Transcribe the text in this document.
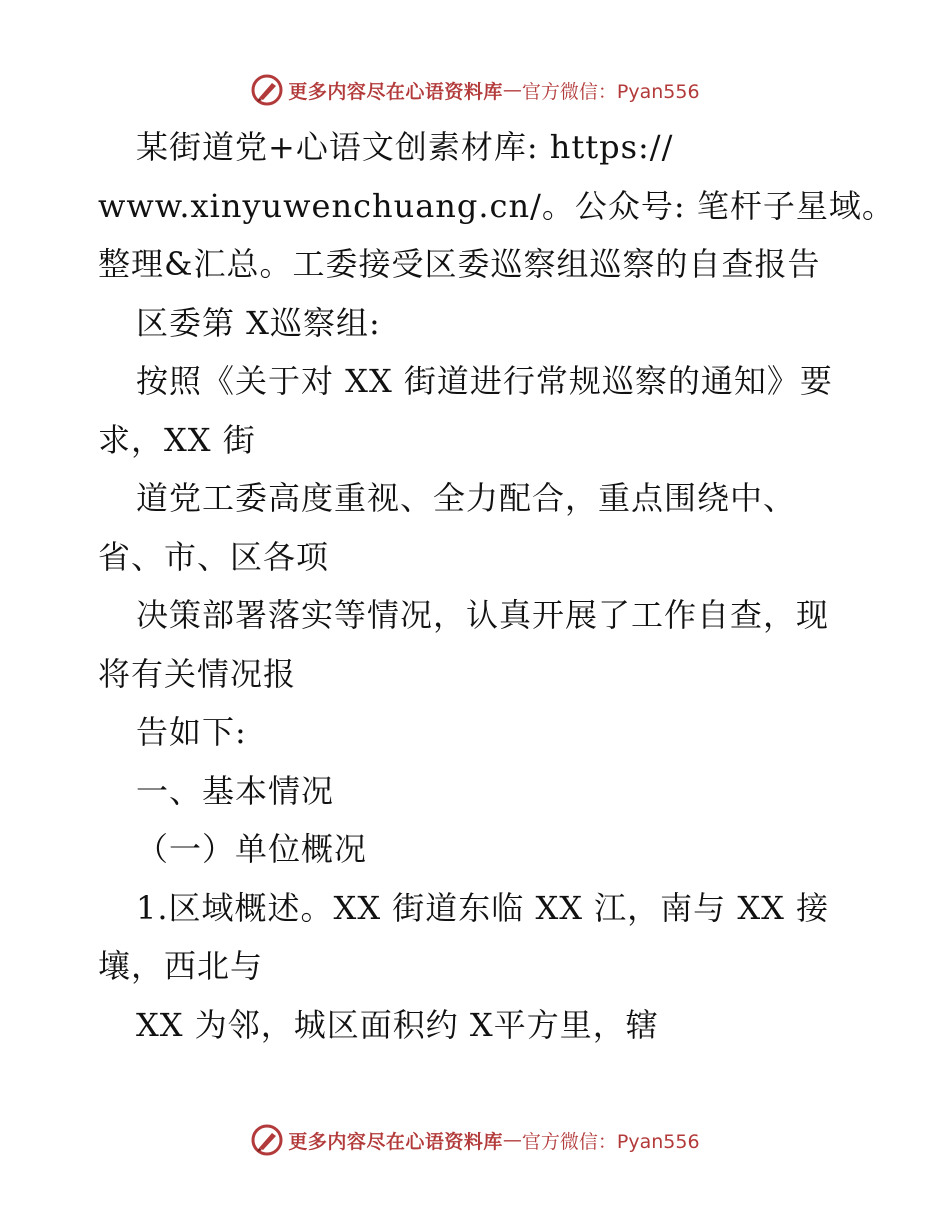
更多内容尽在心语资料库 — 官方微信：Pyan556
某街道党+心语文创素材库: https://
www.xinyuwenchuang.cn/。公众号: 笔杆子星域。
整理&汇总。工委接受区委巡察组巡察的自查报告
区委第 X巡察组:
按照《关于对 XX 街道进行常规巡察的通知》要
求，XX 街
道党工委高度重视、全力配合，重点围绕中、
省、市、区各项
决策部署落实等情况，认真开展了工作自查，现
将有关情况报
告如下:
一、基本情况
（一）单位概况
1.区域概述。XX 街道东临 XX 江，南与 XX 接
壤，西北与
XX 为邻，城区面积约 X平方里，辖
更多内容尽在心语资料库 — 官方微信：Pyan556
